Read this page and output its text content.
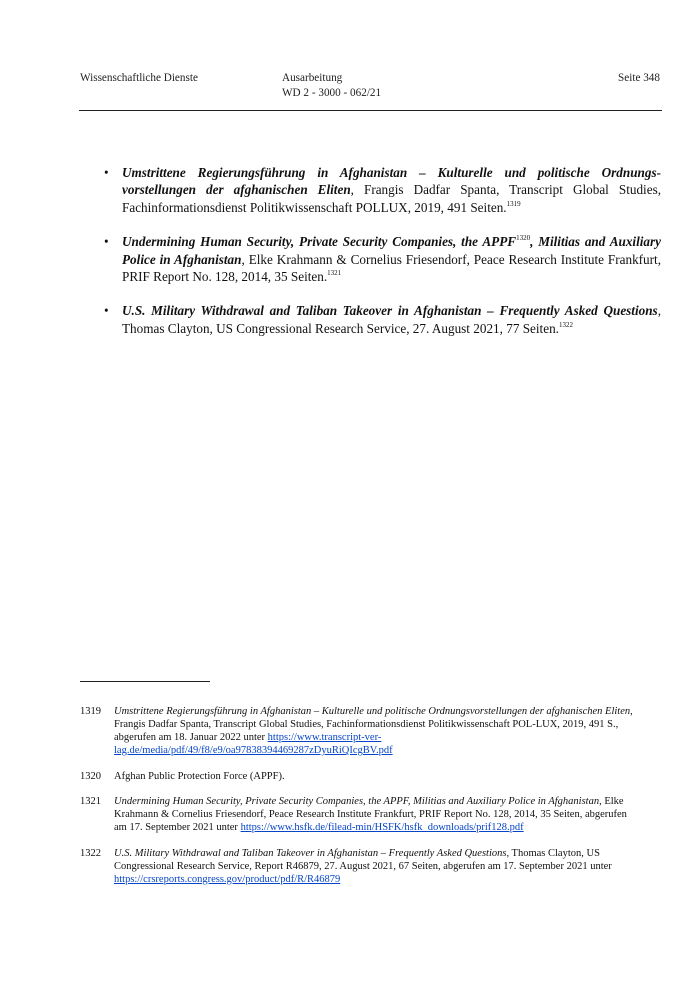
Wissenschaftliche Dienste	Ausarbeitung
WD 2 - 3000 - 062/21
Seite 348
• Umstrittene Regierungsführung in Afghanistan – Kulturelle und politische Ordnungs-vorstellungen der afghanischen Eliten, Frangis Dadfar Spanta, Transcript Global Studies, Fachinformationsdienst Politikwissenschaft POLLUX, 2019, 491 Seiten.$^{1319}$
• Undermining Human Security, Private Security Companies, the $APPF^{1320}$, Militias and Auxiliary Police in Afghanistan, Elke Krahmann & Cornelius Friesendorf, Peace Research Institute Frankfurt, PRIF Report No. 128, 2014, 35 Seiten.$^{1321}$
• U.S. Military Withdrawal and Taliban Takeover in Afghanistan – Frequently Asked Questions, Thomas Clayton, US Congressional Research Service, 27. August 2021, 77 Seiten.$^{1322}$
1319 Umstrittene Regierungsführung in Afghanistan – Kulturelle und politische Ordnungsvorstellungen der afghanischen Eliten, Frangis Dadfar Spanta, Transcript Global Studies, Fachinformationsdienst Politikwissenschaft POL-LUX, 2019, 491 S., abgerufen am 18. Januar 2022 unter https://www.transcript-ver-lag.de/media/pdf/49/f8/e9/oa97838394469287zDyuRiQIcgBV.pdf
1320 Afghan Public Protection Force (APPF).
1321 Undermining Human Security, Private Security Companies, the APPF, Militias and Auxiliary Police in Afghanistan, Elke Krahmann & Cornelius Friesendorf, Peace Research Institute Frankfurt, PRIF Report No. 128, 2014, 35 Seiten, abgerufen am 17. September 2021 unter https://www.hsfk.de/filead-min/HSFK/hsfk_downloads/prif128.pdf
1322 U.S. Military Withdrawal and Taliban Takeover in Afghanistan – Frequently Asked Questions, Thomas Clayton, US Congressional Research Service, Report R46879, 27. August 2021, 67 Seiten, abgerufen am 17. September 2021 unter https://crsreports.congress.gov/product/pdf/R/R46879
